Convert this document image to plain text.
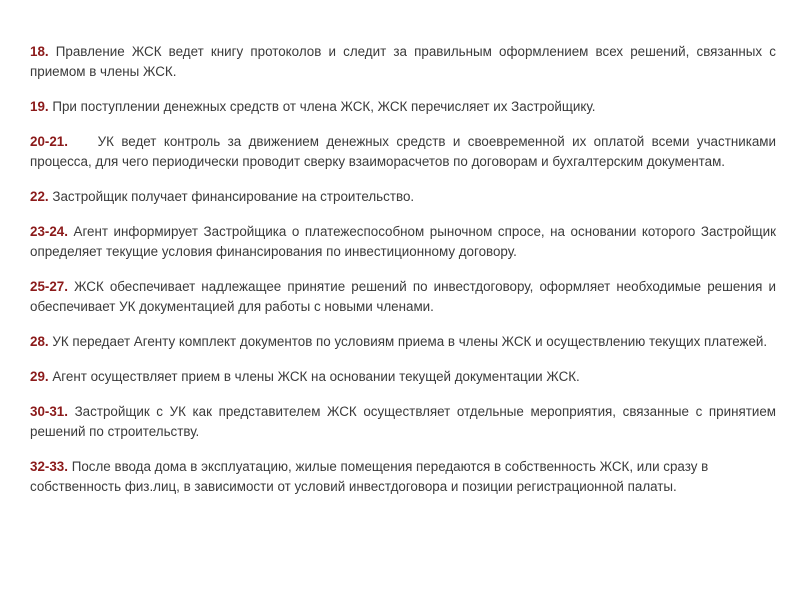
18. Правление ЖСК ведет книгу протоколов и следит за правильным оформлением всех решений, связанных с приемом в члены ЖСК.

19. При поступлении денежных средств от члена ЖСК, ЖСК перечисляет их Застройщику.

20-21. УК ведет контроль за движением денежных средств и своевременной их оплатой всеми участниками процесса, для чего периодически проводит сверку взаиморасчетов по договорам и бухгалтерским документам.

22. Застройщик получает финансирование на строительство.

23-24. Агент информирует Застройщика о платежеспособном рыночном спросе, на основании которого Застройщик определяет текущие условия финансирования по инвестиционному договору.

25-27. ЖСК обеспечивает надлежащее принятие решений по инвестдоговору, оформляет необходимые решения и обеспечивает УК документацией для работы с новыми членами.

28. УК передает Агенту комплект документов по условиям приема в члены ЖСК и осуществлению текущих платежей.

29. Агент осуществляет прием в члены ЖСК на основании текущей документации ЖСК.

30-31. Застройщик с УК как представителем ЖСК осуществляет отдельные мероприятия, связанные с принятием решений по строительству.

32-33. После ввода дома в эксплуатацию, жилые помещения передаются в собственность ЖСК, или сразу в собственность физ.лиц, в зависимости от условий инвестдоговора и позиции регистрационной палаты.
